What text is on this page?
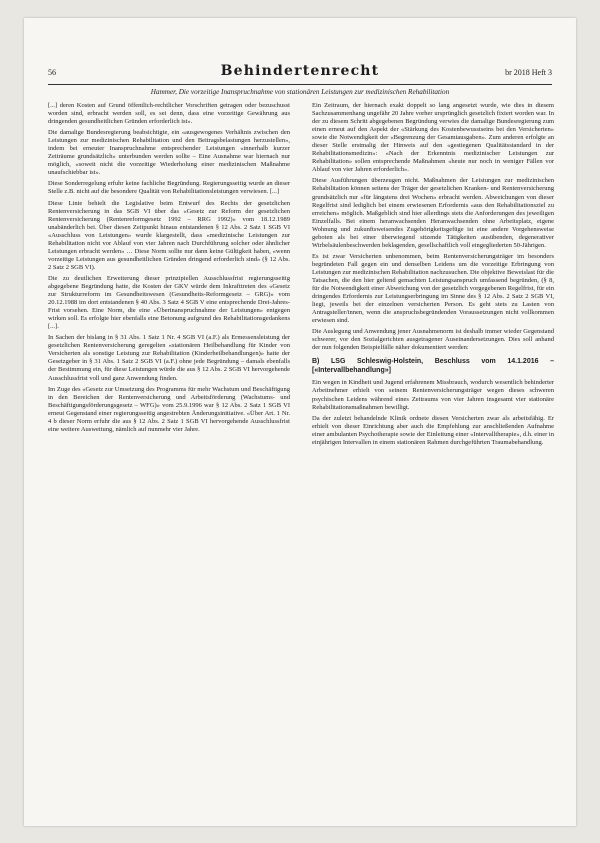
56	Behindertenrecht	br 2018 Heft 3
Hammer, Die vorzeitige Inanspruchnahme von stationären Leistungen zur medizinischen Rehabilitation

[...] deren Kosten auf Grund öffentlich-rechtlicher Vorschriften getragen oder bezuschusst worden sind, erbracht werden soll, es sei denn, dass eine vorzeitige Gewährung aus dringenden gesundheitlichen Gründen erforderlich ist».

Die damalige Bundesregierung beabsichtigte, ein «ausgewogenes Verhältnis zwischen den Leistungen zur medizinischen Rehabilitation und den Beitragsbelastungen herzustellen», indem bei erneuter Inanspruchnahme entsprechender Leistungen «innerhalb kurzer Zeiträume grundsätzlich» unterbunden werden sollte – Eine Ausnahme war hiernach nur möglich, «soweit nicht die vorzeitige Wiederholung einer medizinischen Maßnahme unaufschiebbar ist».

Diese Sonderregelung erfuhr keine fachliche Begründung. Regierungsseitig wurde an dieser Stelle z.B. nicht auf die besondere Qualität von Rehabilitationsleistungen verwiesen. [...]

Diese Linie behielt die Legislative beim Entwurf des Rechts der gesetzlichen Rentenversicherung in das SGB VI über das «Gesetz zur Reform der gesetzlichen Rentenversicherung (Rentenreformgesetz 1992 – RRG 1992)» vom 18.12.1989 unabänderlich bei. Über diesen Zeitpunkt hinaus entstandenen § 12 Abs. 2 Satz 1 SGB VI «Ausschluss von Leistungen» wurde klargestellt, dass «medizinische Leistungen zur Rehabilitation nicht vor Ablauf von vier Jahren nach Durchführung solcher oder ähnlicher Leistungen erbracht werden» … Diese Norm sollte nur dann keine Gültigkeit haben, «wenn vorzeitige Leistungen aus gesundheitlichen Gründen dringend erforderlich sind» (§ 12 Abs. 2 Satz 2 SGB VI).

Die zu deutlichen Erweiterung dieser prinzipiellen Ausschlussfrist regierungsseitig abgegebene Begründung hatte, die Kosten der GKV würde dem Inkrafttreten des «Gesetz zur Strukturreform im Gesundheitswesen (Gesundheits-Reformgesetz – GRG)» vom 20.12.1988 im dort entstandenen § 40 Abs. 3 Satz 4 SGB V eine entsprechende Drei-Jahres-Frist vorsehen. Eine Norm, die eine «Überinanspruchnahme der Leistungen» entgegen wirken soll. Es erfolgte hier ebenfalls eine Betonung aufgrund des Rehabilitationsgedankens [...].

In Sachen der bislang in § 31 Abs. 1 Satz 1 Nr. 4 SGB VI (a.F.) als Ermessensleistung der gesetzlichen Rentenversicherung geregelten «stationären Heilbehandlung für Kinder von Versicherten als sonstige Leistung zur Rehabilitation (Kinderheilbehandlungen)» hatte der Gesetzgeber in § 31 Abs. 1 Satz 2 SGB VI (a.F.) ohne jede Begründung – damals ebenfalls der Bestimmung ein, für diese Leistungen würde die aus § 12 Abs. 2 SGB VI hervorgehende Ausschlussfrist voll und ganz Anwendung finden.

Im Zuge des «Gesetz zur Umsetzung des Programms für mehr Wachstum und Beschäftigung in den Bereichen der Rentenversicherung und Arbeitsförderung (Wachstums- und Beschäftigungsförderungsgesetz – WFG)» vom 25.9.1996 war § 12 Abs. 2 Satz 1 SGB VI erneut Gegenstand einer regierungsseitig angestrebten Änderungsinitiative. «Über Art. 1 Nr. 4 b dieser Norm erfuhr die aus § 12 Abs. 2 Satz 1 SGB VI hervorgehende Ausschlussfrist eine weitere Ausweitung, nämlich auf nunmehr vier Jahre.

Ein Zeitraum, der hiernach exakt doppelt so lang angesetzt wurde, wie dies in diesem Sachzusammenhang ungefähr 20 Jahre vorher ursprünglich gesetzlich fixiert worden war. In der zu diesem Schritt abgegebenen Begründung verwies die damalige Bundesregierung zum einen erneut auf den Aspekt der «Stärkung des Kostenbewusstseins bei den Versicherten» sowie die Notwendigkeit der «Begrenzung der Gesamtausgaben». Zum anderen erfolgte an dieser Stelle erstmalig der Hinweis auf den «gestiegenen Qualitätsstandard in der Rehabilitationsmedizin»: «Nach der Erkenntnis medizinischer Leistungen zur Rehabilitation» sollen entsprechende Maßnahmen «heute nur noch in weniger Fällen vor Ablauf von vier Jahren erforderlich».

Diese Ausführungen überzeugen nicht. Maßnahmen der Leistungen zur medizinischen Rehabilitation können seitens der Träger der gesetzlichen Kranken- und Rentenversicherung grundsätzlich nur «für längstens drei Wochen» erbracht werden. Abweichungen von dieser Regelfrist sind lediglich bei einem erwiesenen Erfordernis «aus den Rehabilitationsziel zu erreichen» möglich. Maßgeblich sind hier allerdings stets die Anforderungen des jeweiligen Einzelfalls. Bei einem heranwachsenden Heranwachsenden ohne Arbeitsplatz, eigene Wohnung und zukunftsweisendes Zugehörigkeitsgefüge ist eine andere Vorgehensweise geboten als bei einer überwiegend sitzende Tätigkeiten ausübenden, degenerativer Wirbelsäulenbeschwerden beklagenden, gesellschaftlich voll eingegliederten 50-Jährigen.

Es ist zwar Versicherten unbenommen, beim Rentenversicherungsträger im besonders begründeten Fall gegen ein und denselben Leidens um die vorzeitige Erbringung von Leistungen zur medizinischen Rehabilitation nachzusuchen. Die objektive Beweislast für die Tatsachen, die den hier geltend gemachten Leistungsanspruch umfassend begründen, (§ 8, für die Notwendigkeit einer Abweichung von der gesetzlich vorgegebenen Regelfrist, für ein dringendes Erfordernis zur Leistungserbringung im Sinne des § 12 Abs. 2 Satz 2 SGB VI, liegt, jeweils bei der einzelnen versicherten Person. Es geht stets zu Lasten von Antragsteller/innen, wenn die anspruchsbegründenden Voraussetzungen nicht vollkommen erwiesen sind.

Die Auslegung und Anwendung jener Ausnahmenorm ist deshalb immer wieder Gegenstand schwerer, vor den Sozialgerichten ausgetragener Auseinandersetzungen. Dies soll anhand der nun folgenden Beispielfälle näher dokumentiert werden:

B) LSG Schleswig-Holstein, Beschluss vom 14.1.2016 – [«Intervallbehandlung»]

Ein wegen in Kindheit und Jugend erfahrenem Missbrauch, wodurch wesentlich behinderter Arbeitnehmer erhielt von seinem Rentenversicherungsträger wegen dieses schweren psychischen Leidens während eines Zeitraums von vier Jahren insgesamt vier stationäre Rehabilitationsmaßnahmen bewilligt.

Da der zuletzt behandelnde Klinik ordnete diesen Versicherten zwar als arbeitsfähig. Er erhielt von dieser Einrichtung aber auch die Empfehlung zur anschließenden Aufnahme einer ambulanten Psychotherapie sowie der Einleitung einer «Intervalltherapie», d.h. einer in einjährigen Intervallen in einem stationären Rahmen durchgeführten Traumabehandlung.
